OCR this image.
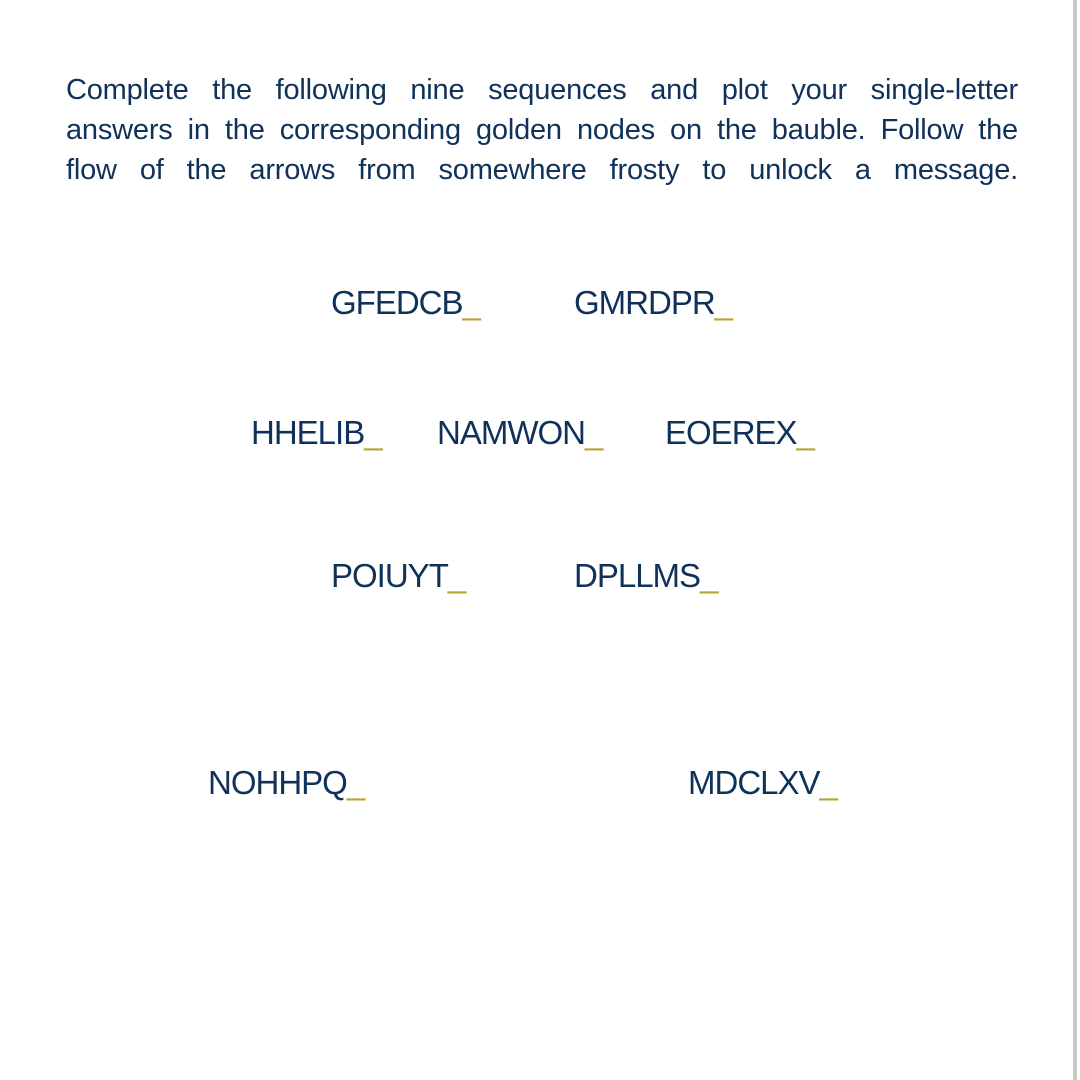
Complete the following nine sequences and plot your single-letter
answers in the corresponding golden nodes on the bauble. Follow the
flow of the arrows from somewhere frosty to unlock a message.
GFEDCB_	GMRDPR_
HHELIB_ NAMWON_ EOEREX_
POIUYT_	DPLLMS_
NOHHPQ_	MDCLXV_
